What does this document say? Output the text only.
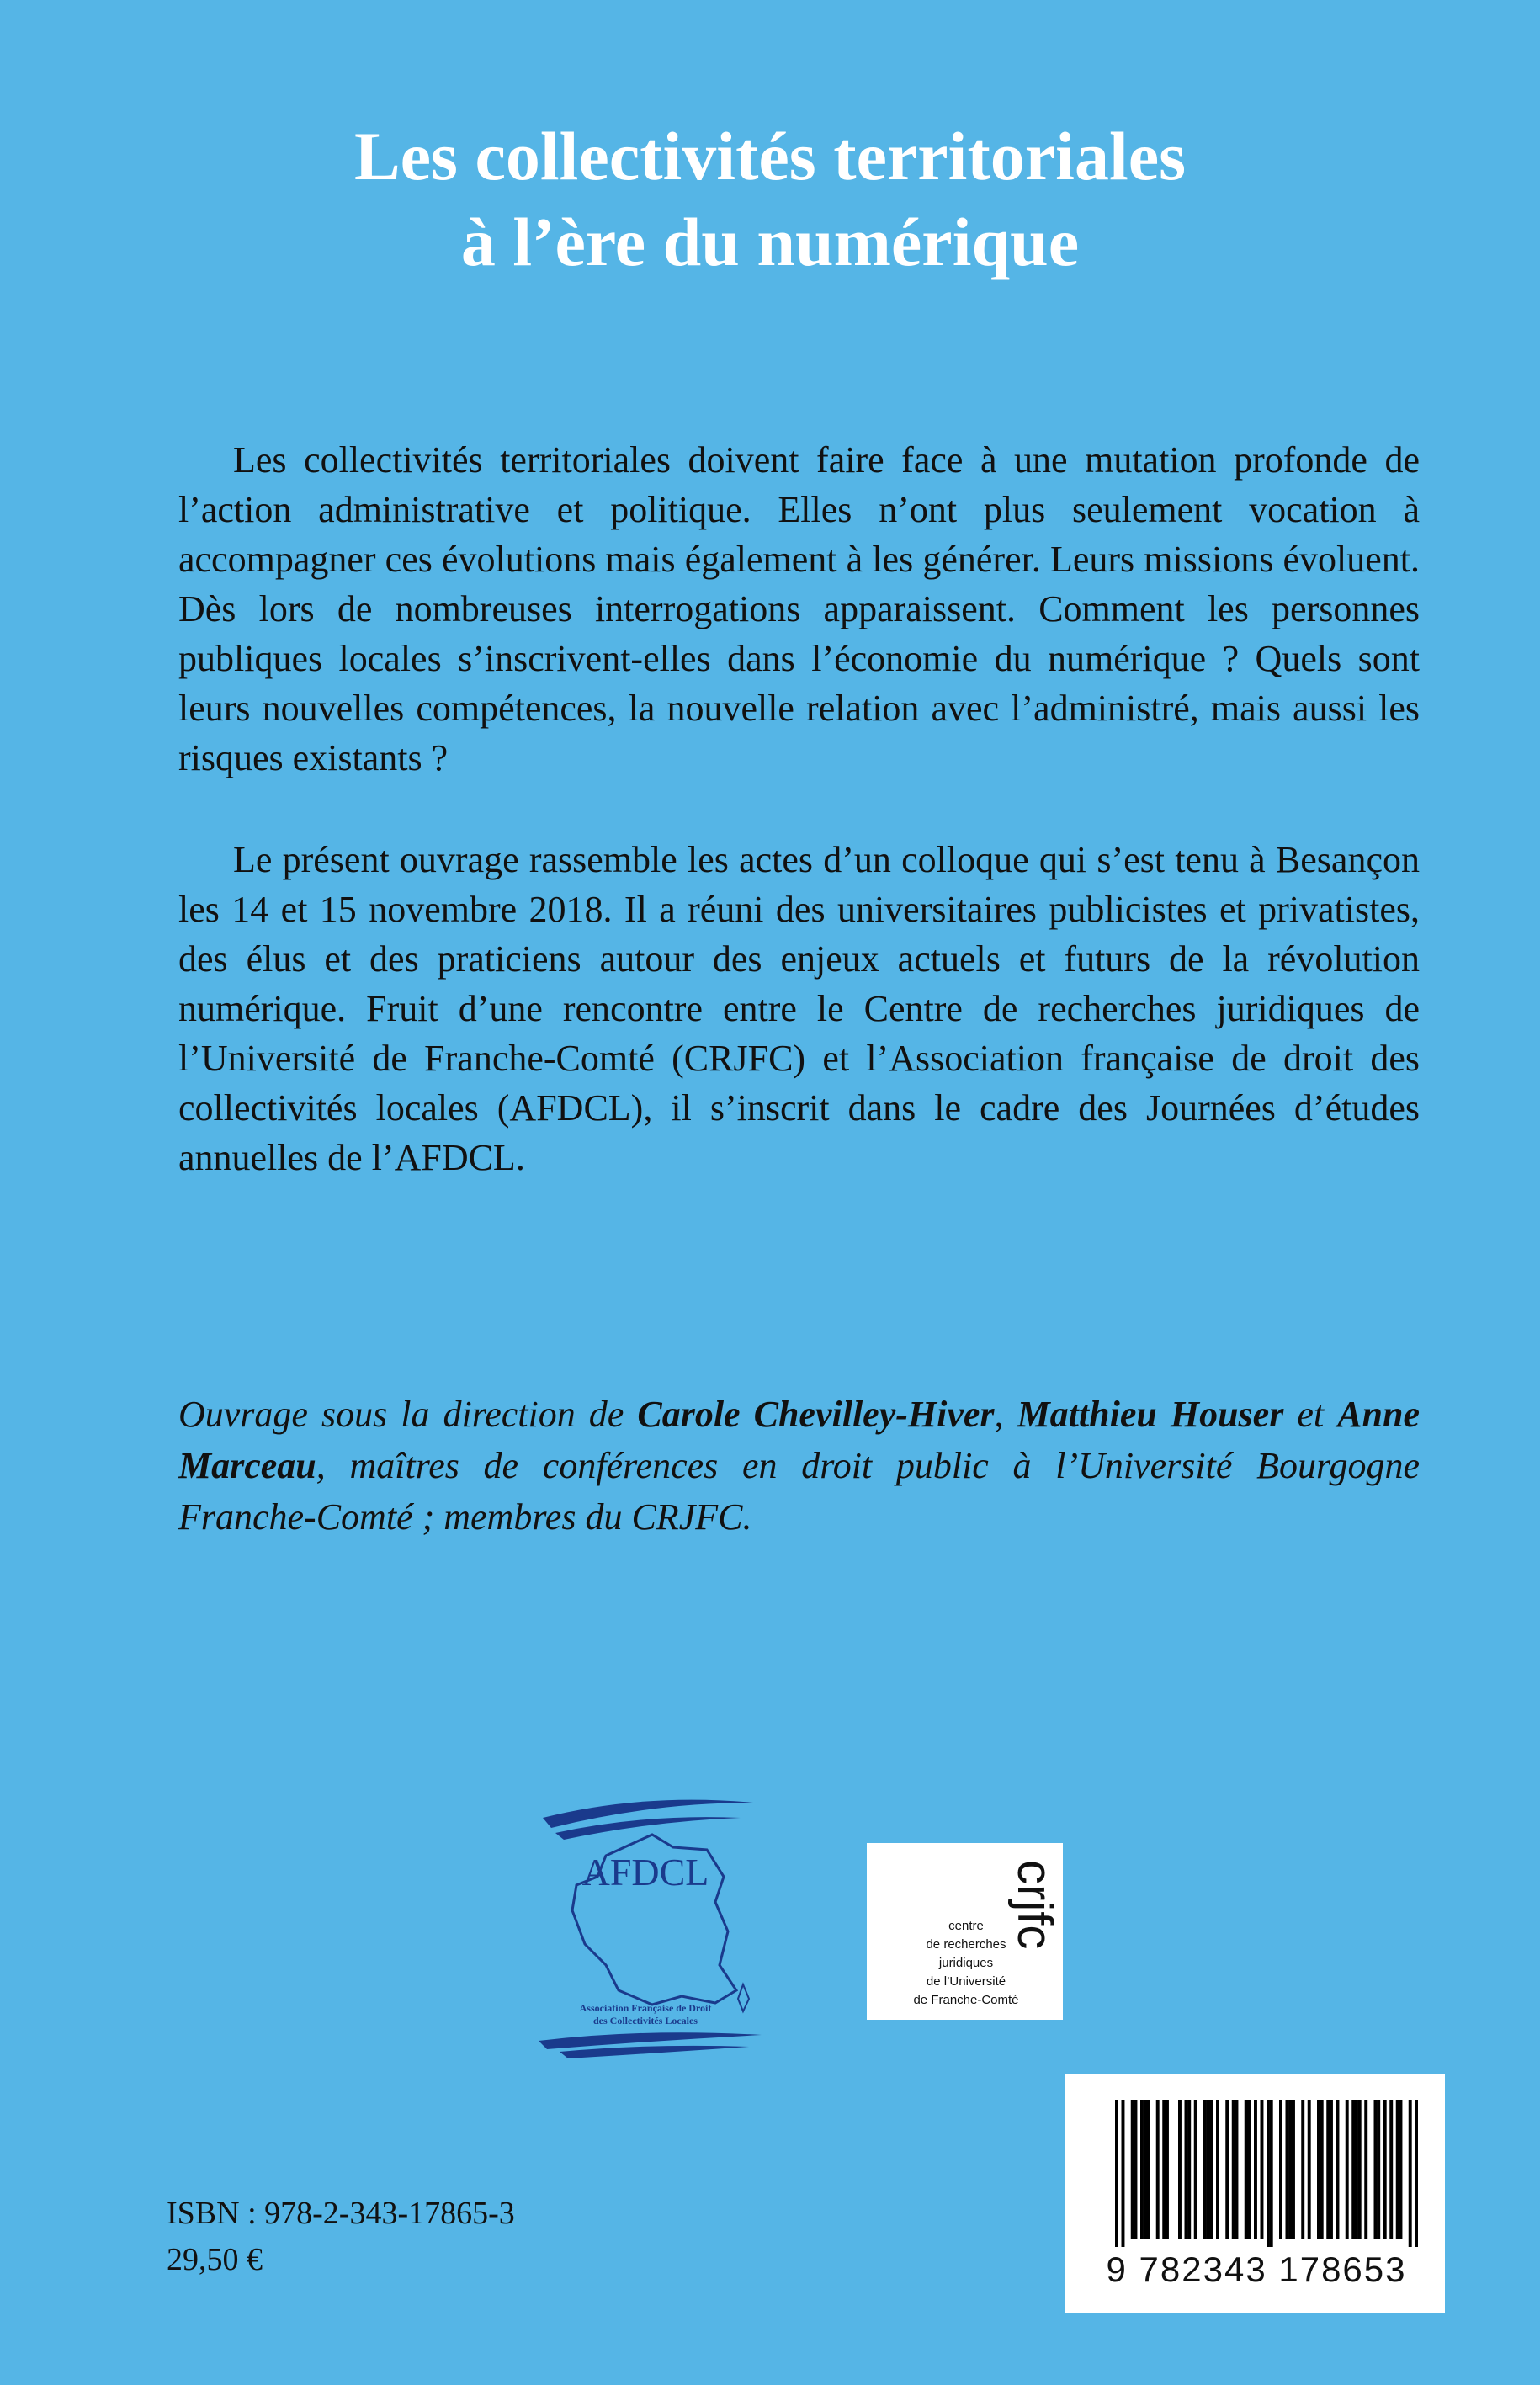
Les collectivités territoriales
à l’ère du numérique

Les collectivités territoriales doivent faire face à une mutation profonde de l’action administrative et politique. Elles n’ont plus seulement vocation à accompagner ces évolutions mais également à les générer. Leurs missions évoluent. Dès lors de nombreuses interrogations apparaissent. Comment les personnes publiques locales s’inscrivent-elles dans l’économie du numérique ? Quels sont leurs nouvelles compétences, la nouvelle relation avec l’administré, mais aussi les risques existants ?

Le présent ouvrage rassemble les actes d’un colloque qui s’est tenu à Besançon les 14 et 15 novembre 2018. Il a réuni des universitaires publicistes et privatistes, des élus et des praticiens autour des enjeux actuels et futurs de la révolution numérique. Fruit d’une rencontre entre le Centre de recherches juridiques de l’Université de Franche-Comté (CRJFC) et l’Association française de droit des collectivités locales (AFDCL), il s’inscrit dans le cadre des Journées d’études annuelles de l’AFDCL.

Ouvrage sous la direction de Carole Chevilley-Hiver, Matthieu Houser et Anne Marceau, maîtres de conférences en droit public à l’Université Bourgogne Franche-Comté ; membres du CRJFC.
AFDCL
Association Française de Droit
des Collectivités Locales
crjfc
centre
de recherches
juridiques
de l’Université
de Franche-Comté
9 782343 178653
ISBN : 978-2-343-17865-3
29,50 €
